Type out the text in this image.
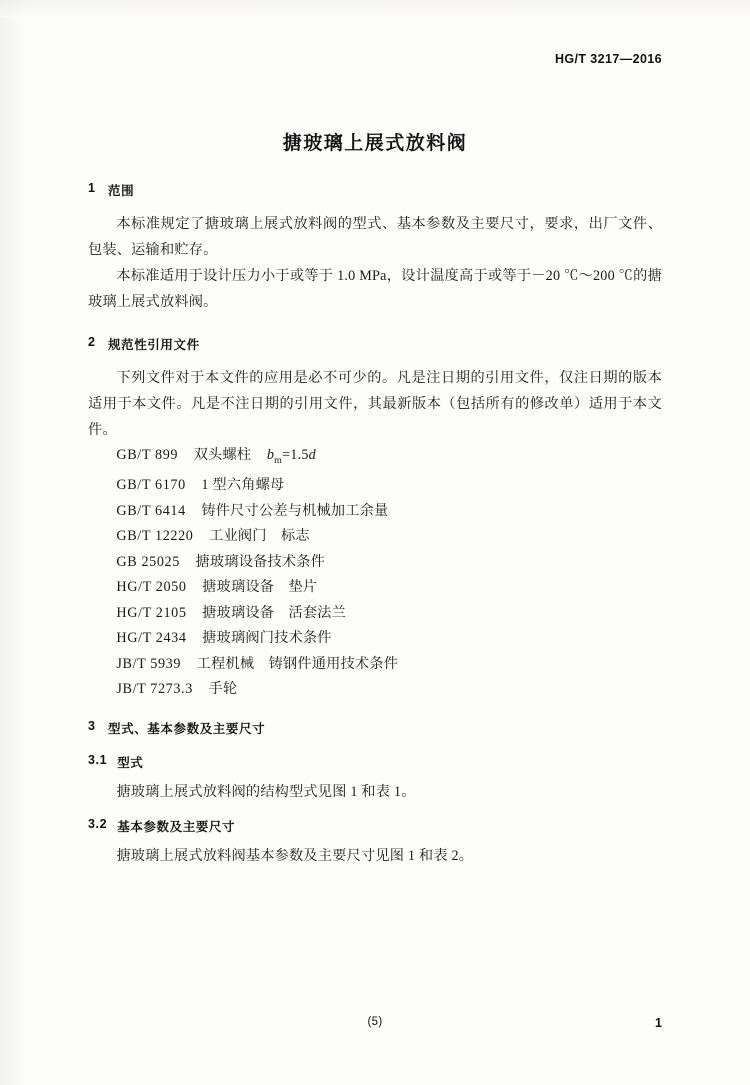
HG/T 3217—2016
搪玻璃上展式放料阀
1 范围
本标准规定了搪玻璃上展式放料阀的型式、基本参数及主要尺寸，要求，出厂文件、包装、运输和贮存。
本标准适用于设计压力小于或等于 1.0 MPa，设计温度高于或等于－20 ℃～200 ℃的搪玻璃上展式放料阀。
2 规范性引用文件
下列文件对于本文件的应用是必不可少的。凡是注日期的引用文件，仅注日期的版本适用于本文件。凡是不注日期的引用文件，其最新版本（包括所有的修改单）适用于本文件。
GB/T 899 双头螺柱 $b_m=1.5d$
GB/T 6170 1 型六角螺母
GB/T 6414 铸件尺寸公差与机械加工余量
GB/T 12220 工业阀门　标志
GB 25025 搪玻璃设备技术条件
HG/T 2050 搪玻璃设备　垫片
HG/T 2105 搪玻璃设备　活套法兰
HG/T 2434 搪玻璃阀门技术条件
JB/T 5939 工程机械　铸钢件通用技术条件
JB/T 7273.3 手轮
3 型式、基本参数及主要尺寸
3.1 型式
搪玻璃上展式放料阀的结构型式见图 1 和表 1。
3.2 基本参数及主要尺寸
搪玻璃上展式放料阀基本参数及主要尺寸见图 1 和表 2。
(5)	1
